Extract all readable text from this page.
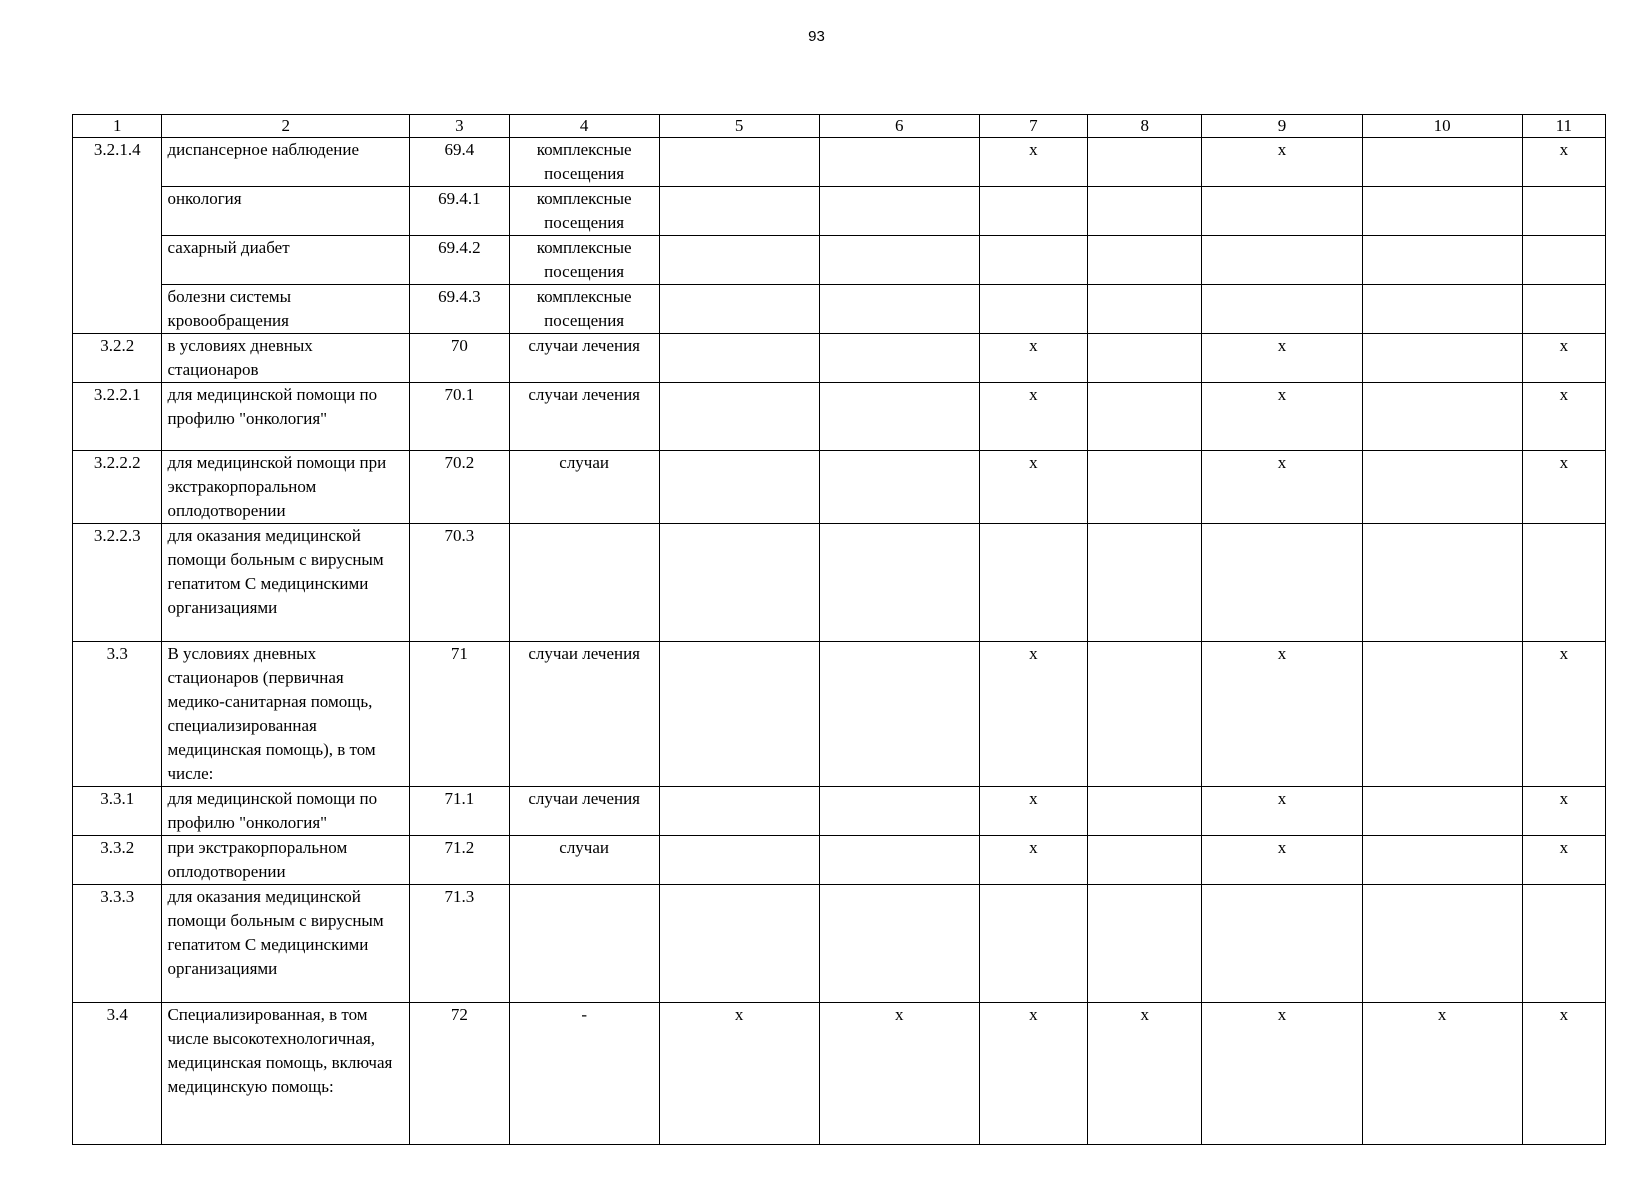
93
1	2	3	4	5	6	7	8	9	10	11
3.2.1.4	диспансерное наблюдение	69.4	комплексные посещения			х		х		х
	онкология	69.4.1	комплексные посещения							
	сахарный диабет	69.4.2	комплексные посещения							
	болезни системы кровообращения	69.4.3	комплексные посещения							
3.2.2	в условиях дневных стационаров	70	случаи лечения			х		х		х
3.2.2.1	для медицинской помощи по профилю "онкология"	70.1	случаи лечения			х		х		х
3.2.2.2	для медицинской помощи при экстракорпоральном оплодотворении	70.2	случаи			х		х		х
3.2.2.3	для оказания медицинской помощи больным с вирусным гепатитом С медицинскими организациями	70.3								
3.3	В условиях дневных стационаров (первичная медико-санитарная помощь, специализированная медицинская помощь), в том числе:	71	случаи лечения			х		х		х
3.3.1	для медицинской помощи по профилю "онкология"	71.1	случаи лечения			х		х		х
3.3.2	при экстракорпоральном оплодотворении	71.2	случаи			х		х		х
3.3.3	для оказания медицинской помощи больным с вирусным гепатитом С медицинскими организациями	71.3								
3.4	Специализированная, в том числе высокотехнологичная, медицинская помощь, включая медицинскую помощь:	72	-	х	х	х	х	х	х	х
